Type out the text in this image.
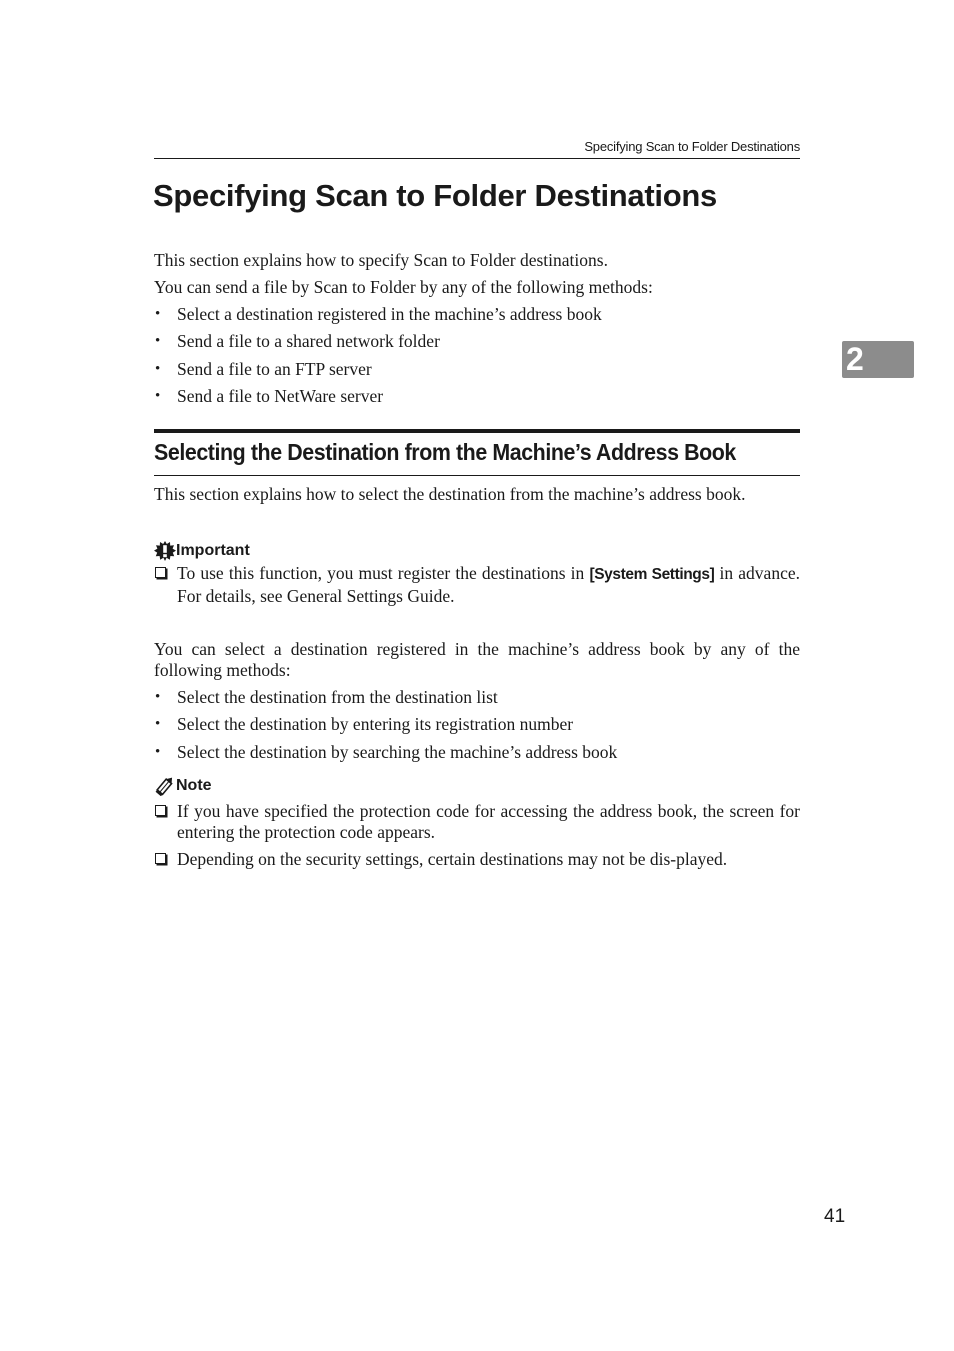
Specifying Scan to Folder Destinations
Specifying Scan to Folder Destinations

This section explains how to specify Scan to Folder destinations.

You can send a file by Scan to Folder by any of the following methods:

• Select a destination registered in the machine’s address book
• Send a file to a shared network folder
• Send a file to an FTP server
• Send a file to NetWare server
2
Selecting the Destination from the Machine’s Address Book

This section explains how to select the destination from the machine’s address book.

Important
To use this function, you must register the destinations in [System Settings] in advance. For details, see General Settings Guide.

You can select a destination registered in the machine’s address book by any of the following methods:

• Select the destination from the destination list
• Select the destination by entering its registration number
• Select the destination by searching the machine’s address book
Note
If you have specified the protection code for accessing the address book, the screen for entering the protection code appears.
Depending on the security settings, certain destinations may not be dis-played.
41
